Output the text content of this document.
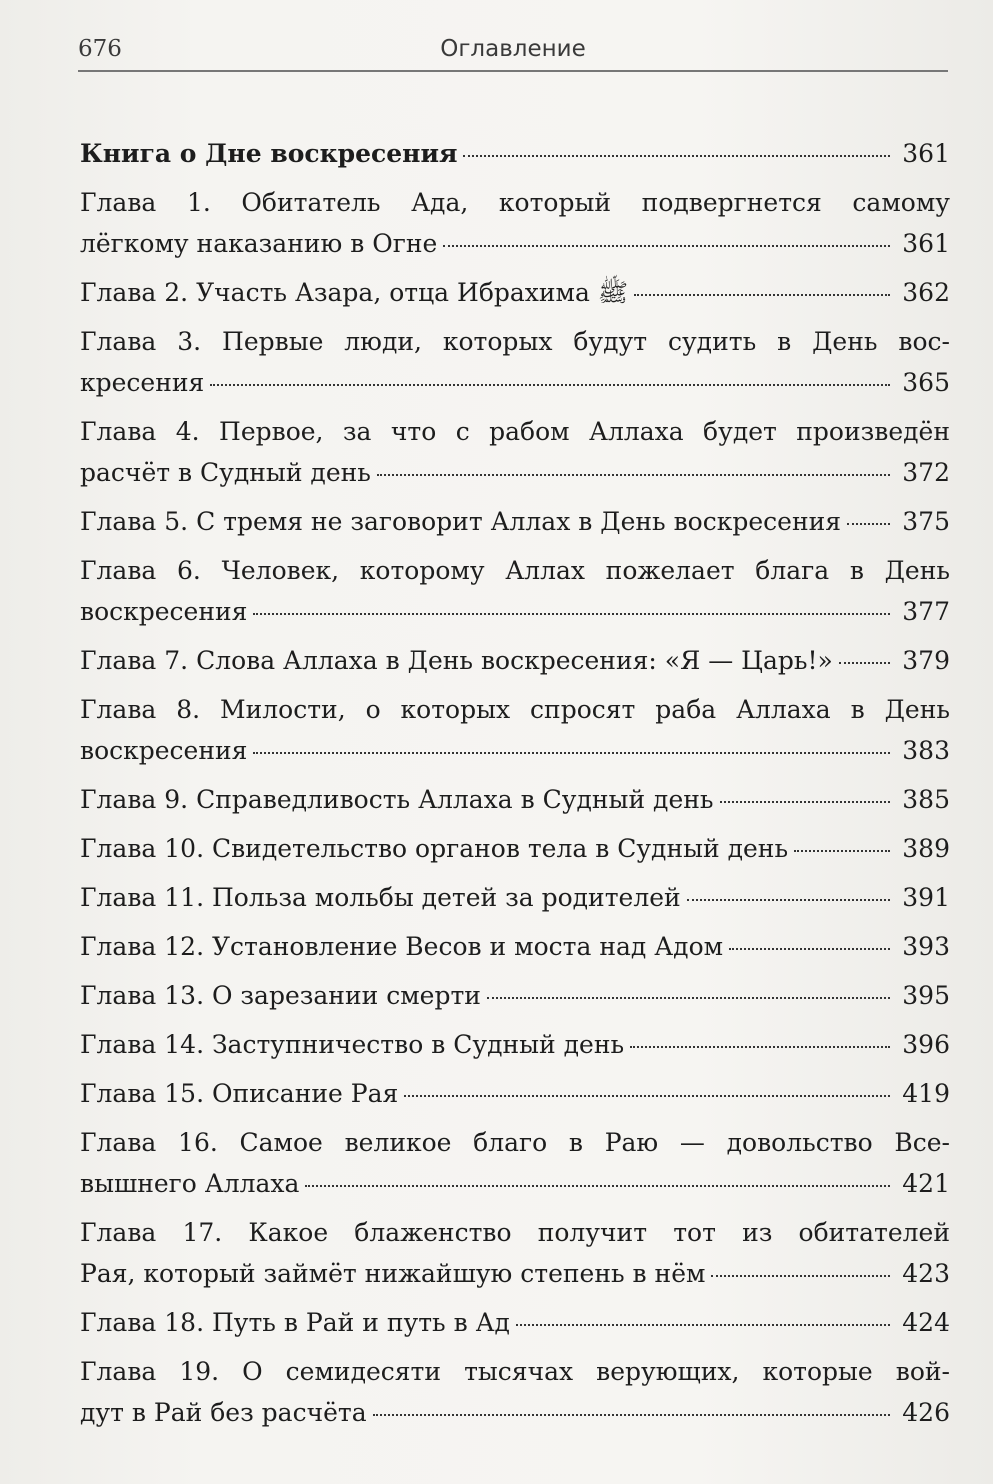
676	Оглавление
Книга о Дне воскресения	361
Глава 1. Обитатель Ада, который подвергнется самому
лёгкому наказанию в Огне	361
Глава 2. Участь Азара, отца Ибрахима ﷺ	362
Глава 3. Первые люди, которых будут судить в День вос-
кресения	365
Глава 4. Первое, за что с рабом Аллаха будет произведён
расчёт в Судный день	372
Глава 5. С тремя не заговорит Аллах в День воскресения 375
Глава 6. Человек, которому Аллах пожелает блага в День
воскресения	377
Глава 7. Слова Аллаха в День воскресения: «Я — Царь!»	379
Глава 8. Милости, о которых спросят раба Аллаха в День
воскресения	383
Глава 9. Справедливость Аллаха в Судный день	385
Глава 10. Свидетельство органов тела в Судный день	389
Глава 11. Польза мольбы детей за родителей	391
Глава 12. Установление Весов и моста над Адом	393
Глава 13. О зарезании смерти	395
Глава 14. Заступничество в Судный день	396
Глава 15. Описание Рая	419
Глава 16. Самое великое благо в Раю — довольство Все-
вышнего Аллаха	421
Глава 17. Какое блаженство получит тот из обитателей
Рая, который займёт нижайшую степень в нём	423
Глава 18. Путь в Рай и путь в Ад	424
Глава 19. О семидесяти тысячах верующих, которые вой-
дут в Рай без расчёта	426
